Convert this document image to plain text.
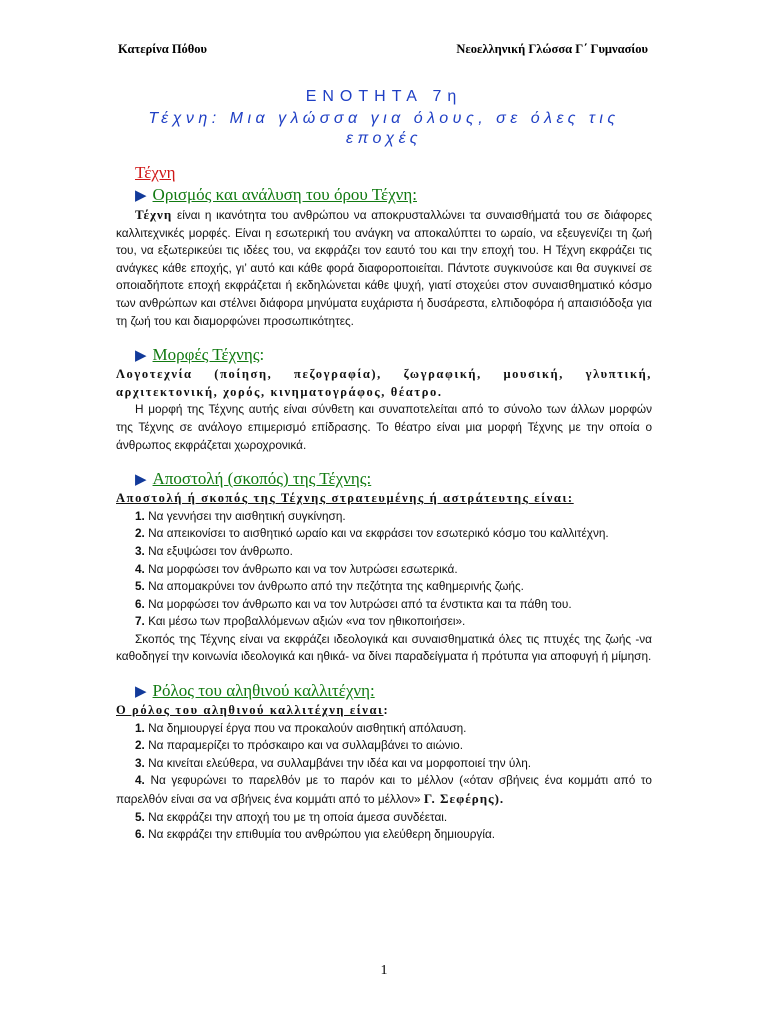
Κατερίνα Πόθου	Νεοελληνική Γλώσσα Γ΄ Γυμνασίου
ΕΝΟΤΗΤΑ 7η
Τέχνη: Μια γλώσσα για όλους, σε όλες τις
εποχές
Τέχνη
▶ Ορισμός και ανάλυση του όρου Τέχνη:

Τέχνη είναι η ικανότητα του ανθρώπου να αποκρυσταλλώνει τα συναισθήματά του σε διάφορες καλλιτεχνικές μορφές. Είναι η εσωτερική του ανάγκη να αποκαλύπτει το ωραίο, να εξευγενίζει τη ζωή του, να εξωτερικεύει τις ιδέες του, να εκφράζει τον εαυτό του και την εποχή του. Η Τέχνη εκφράζει τις ανάγκες κάθε εποχής, γι’ αυτό και κάθε φορά διαφοροποιείται. Πάντοτε συγκινούσε και θα συγκινεί σε οποιαδήποτε εποχή εκφράζεται ή εκδηλώνεται κάθε ψυχή, γιατί στοχεύει στον συναισθηματικό κόσμο των ανθρώπων και στέλνει διάφορα μηνύματα ευχάριστα ή δυσάρεστα, ελπιδοφόρα ή απαισιόδοξα για τη ζωή του και διαμορφώνει προσωπικότητες.

▶ Μορφές Τέχνης:

Λογοτεχνία (ποίηση, πεζογραφία), ζωγραφική, μουσική, γλυπτική, αρχιτεκτονική, χορός, κινηματογράφος, θέατρο.

Η μορφή της Τέχνης αυτής είναι σύνθετη και συναποτελείται από το σύνολο των άλλων μορφών της Τέχνης σε ανάλογο επιμερισμό επίδρασης. Το θέατρο είναι μια μορφή Τέχνης με την οποία ο άνθρωπος εκφράζεται χωροχρονικά.

▶ Αποστολή (σκοπός) της Τέχνης:

Αποστολή ή σκοπός της Τέχνης στρατευμένης ή αστράτευτης είναι:

1. Να γεννήσει την αισθητική συγκίνηση.

2. Να απεικονίσει το αισθητικό ωραίο και να εκφράσει τον εσωτερικό κόσμο του καλλιτέχνη.

3. Να εξυψώσει τον άνθρωπο.

4. Να μορφώσει τον άνθρωπο και να τον λυτρώσει εσωτερικά.

5. Να απομακρύνει τον άνθρωπο από την πεζότητα της καθημερινής ζωής.

6. Να μορφώσει τον άνθρωπο και να τον λυτρώσει από τα ένστικτα και τα πάθη του.

7. Και μέσω των προβαλλόμενων αξιών «να τον ηθικοποιήσει».

Σκοπός της Τέχνης είναι να εκφράζει ιδεολογικά και συναισθηματικά όλες τις πτυχές της ζωής -να καθοδηγεί την κοινωνία ιδεολογικά και ηθικά- να δίνει παραδείγματα ή πρότυπα για αποφυγή ή μίμηση.

▶ Ρόλος του αληθινού καλλιτέχνη:

Ο ρόλος του αληθινού καλλιτέχνη είναι:

1. Να δημιουργεί έργα που να προκαλούν αισθητική απόλαυση.

2. Να παραμερίζει το πρόσκαιρο και να συλλαμβάνει το αιώνιο.

3. Να κινείται ελεύθερα, να συλλαμβάνει την ιδέα και να μορφοποιεί την ύλη.

4. Να γεφυρώνει το παρελθόν με το παρόν και το μέλλον («όταν σβήνεις ένα κομμάτι από το παρελθόν είναι σα να σβήνεις ένα κομμάτι από το μέλλον» Γ. Σεφέρης).

5. Να εκφράζει την αποχή του με τη οποία άμεσα συνδέεται.

6. Να εκφράζει την επιθυμία του ανθρώπου για ελεύθερη δημιουργία.

1
